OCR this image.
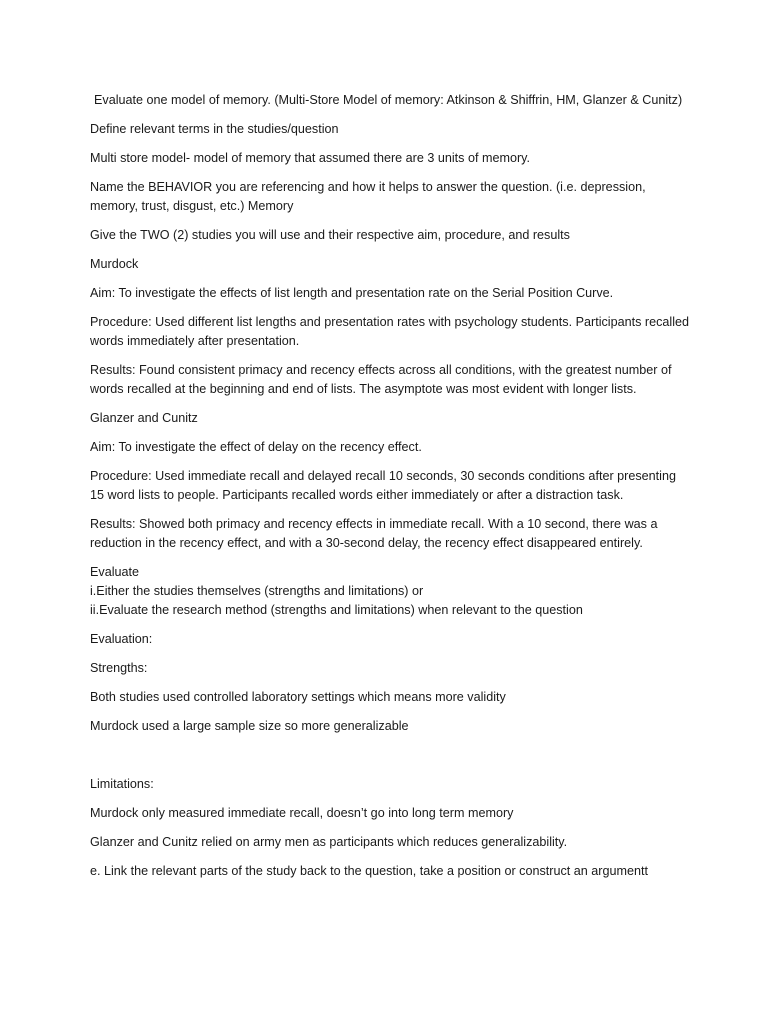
Evaluate one model of memory. (Multi-Store Model of memory: Atkinson & Shiffrin, HM, Glanzer & Cunitz)

Define relevant terms in the studies/question

Multi store model- model of memory that assumed there are 3 units of memory.

Name the BEHAVIOR you are referencing and how it helps to answer the question. (i.e. depression, memory, trust, disgust, etc.) Memory

Give the TWO (2) studies you will use and their respective aim, procedure, and results

Murdock

Aim: To investigate the effects of list length and presentation rate on the Serial Position Curve.

Procedure: Used different list lengths and presentation rates with psychology students. Participants recalled words immediately after presentation.

Results: Found consistent primacy and recency effects across all conditions, with the greatest number of words recalled at the beginning and end of lists. The asymptote was most evident with longer lists.

Glanzer and Cunitz

Aim: To investigate the effect of delay on the recency effect.

Procedure: Used immediate recall and delayed recall 10 seconds, 30 seconds conditions after presenting 15 word lists to people. Participants recalled words either immediately or after a distraction task.

Results: Showed both primacy and recency effects in immediate recall. With a 10 second, there was a reduction in the recency effect, and with a 30-second delay, the recency effect disappeared entirely.

Evaluate
i.Either the studies themselves (strengths and limitations) or
ii.Evaluate the research method (strengths and limitations) when relevant to the question

Evaluation:

Strengths:

Both studies used controlled laboratory settings which means more validity

Murdock used a large sample size so more generalizable

Limitations:

Murdock only measured immediate recall, doesn’t go into long term memory

Glanzer and Cunitz relied on army men as participants which reduces generalizability.

e. Link the relevant parts of the study back to the question, take a position or construct an argumentt
